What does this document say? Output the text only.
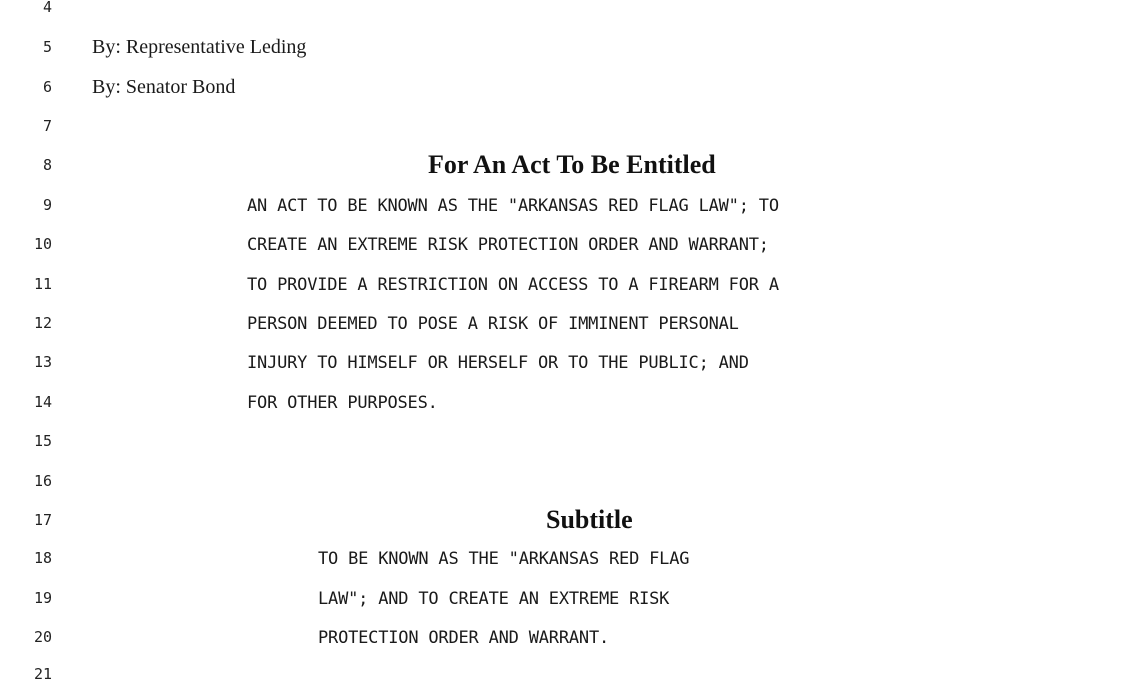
4
5 By: Representative Leding
6 By: Senator Bond
7
8	For An Act To Be Entitled
9	AN ACT TO BE KNOWN AS THE "ARKANSAS RED FLAG LAW"; TO
10	CREATE AN EXTREME RISK PROTECTION ORDER AND WARRANT;
11	TO PROVIDE A RESTRICTION ON ACCESS TO A FIREARM FOR A
12	PERSON DEEMED TO POSE A RISK OF IMMINENT PERSONAL
13	INJURY TO HIMSELF OR HERSELF OR TO THE PUBLIC; AND
14	FOR OTHER PURPOSES.
15
16
17	Subtitle
18	TO BE KNOWN AS THE "ARKANSAS RED FLAG
19	LAW"; AND TO CREATE AN EXTREME RISK
20	PROTECTION ORDER AND WARRANT.
21
